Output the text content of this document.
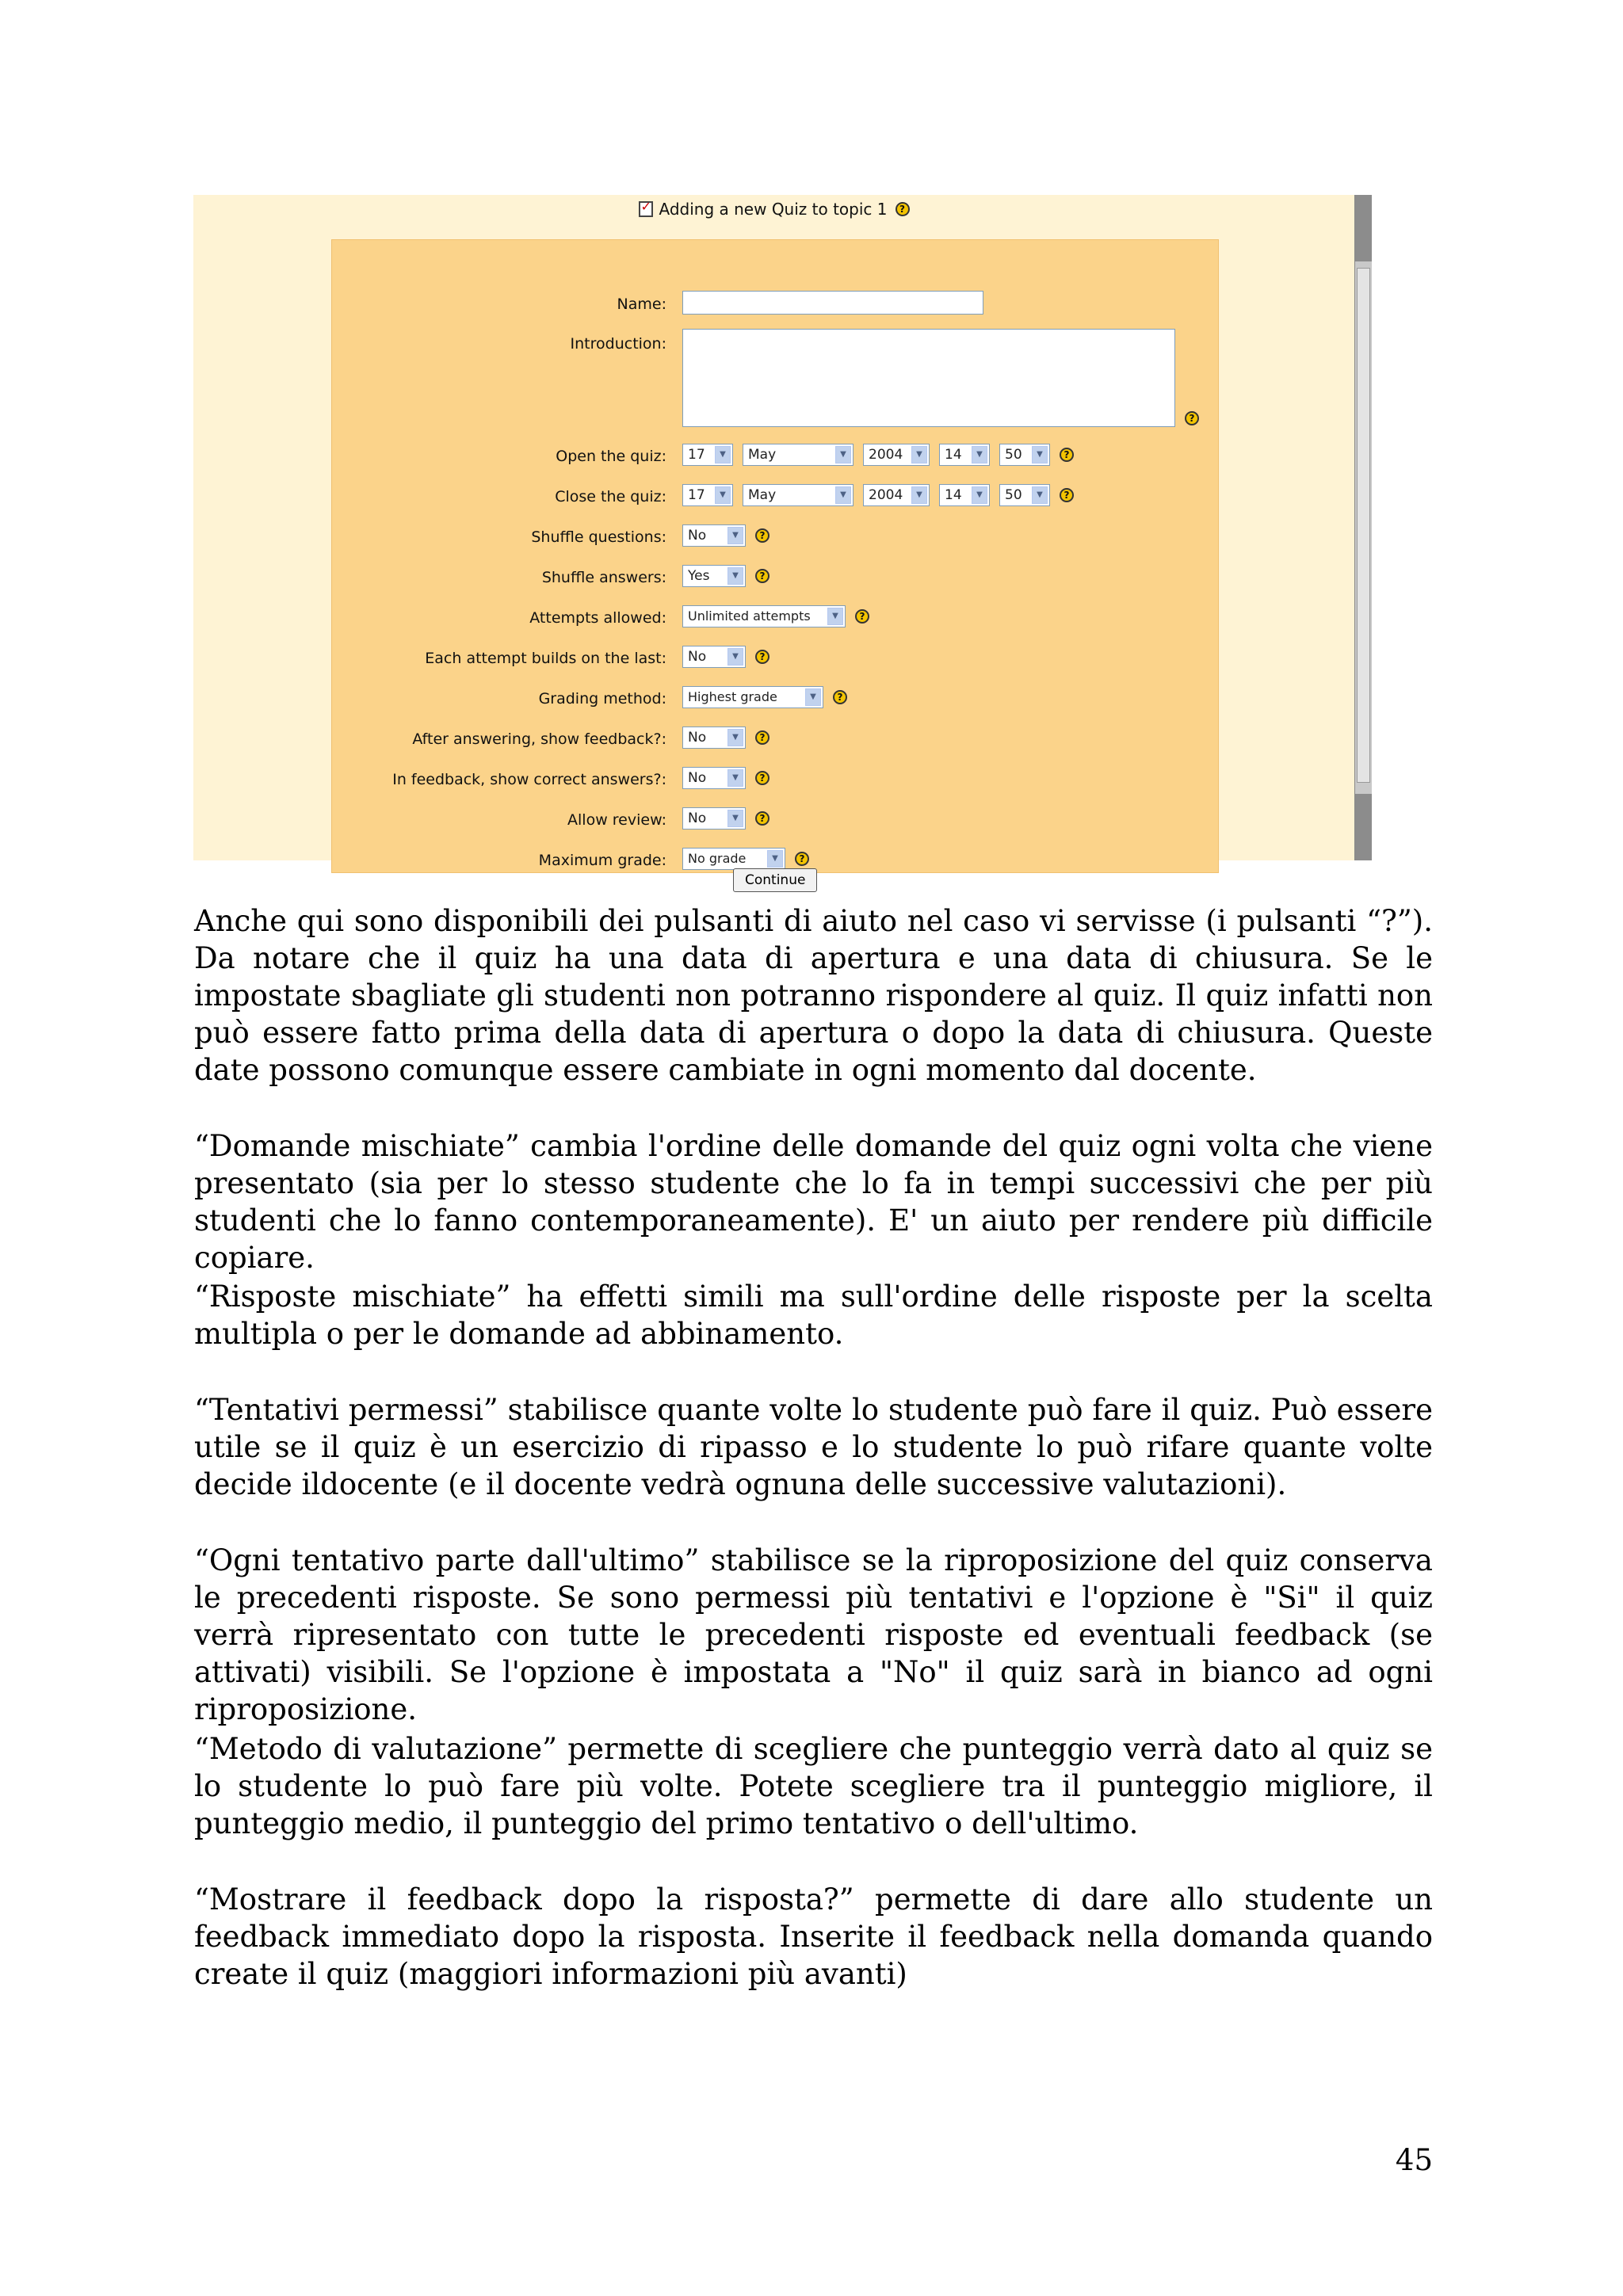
✓
Adding a new Quiz to topic 1	?
Name:
Introduction:
?
Open the quiz:	17	▼	May	▼	2004	▼	14	▼	50	▼	?
Close the quiz:	17	▼	May	▼	2004	▼	14	▼	50	▼	?
Shuffle questions:	No	▼	?
Shuffle answers:	Yes	▼	?
Attempts allowed:	Unlimited attempts	▼	?
Each attempt builds on the last:	No	▼	?
Grading method:	Highest grade	▼	?
After answering, show feedback?:	No	▼	?
In feedback, show correct answers?:	No	▼	?
Allow review:	No	▼	?
Maximum grade:	No grade	▼	?
Continue

Anche qui sono disponibili dei pulsanti di aiuto nel caso vi servisse (i pulsanti “?”). Da notare che il quiz ha una data di apertura e una data di chiusura. Se le impostate sbagliate gli studenti non potranno rispondere al quiz. Il quiz infatti non può essere fatto prima della data di apertura o dopo la data di chiusura. Queste date possono comunque essere cambiate in ogni momento dal docente.

“Domande mischiate” cambia l'ordine delle domande del quiz ogni volta che viene presentato (sia per lo stesso studente che lo fa in tempi successivi che per più studenti che lo fanno contemporaneamente). E' un aiuto per rendere più difficile copiare.

“Risposte mischiate” ha effetti simili ma sull'ordine delle risposte per la scelta multipla o per le domande ad abbinamento.

“Tentativi permessi” stabilisce quante volte lo studente può fare il quiz. Può essere utile se il quiz è un esercizio di ripasso e lo studente lo può rifare quante volte decide ildocente (e il docente vedrà ognuna delle successive valutazioni).

“Ogni tentativo parte dall'ultimo” stabilisce se la riproposizione del quiz conserva le precedenti risposte. Se sono permessi più tentativi e l'opzione è "Si" il quiz verrà ripresentato con tutte le precedenti risposte ed eventuali feedback (se attivati) visibili. Se l'opzione è impostata a "No" il quiz sarà in bianco ad ogni riproposizione.

“Metodo di valutazione” permette di scegliere che punteggio verrà dato al quiz se lo studente lo può fare più volte. Potete scegliere tra il punteggio migliore, il punteggio medio, il punteggio del primo tentativo o dell'ultimo.

“Mostrare il feedback dopo la risposta?” permette di dare allo studente un feedback immediato dopo la risposta. Inserite il feedback nella domanda quando create il quiz (maggiori informazioni più avanti)

45
